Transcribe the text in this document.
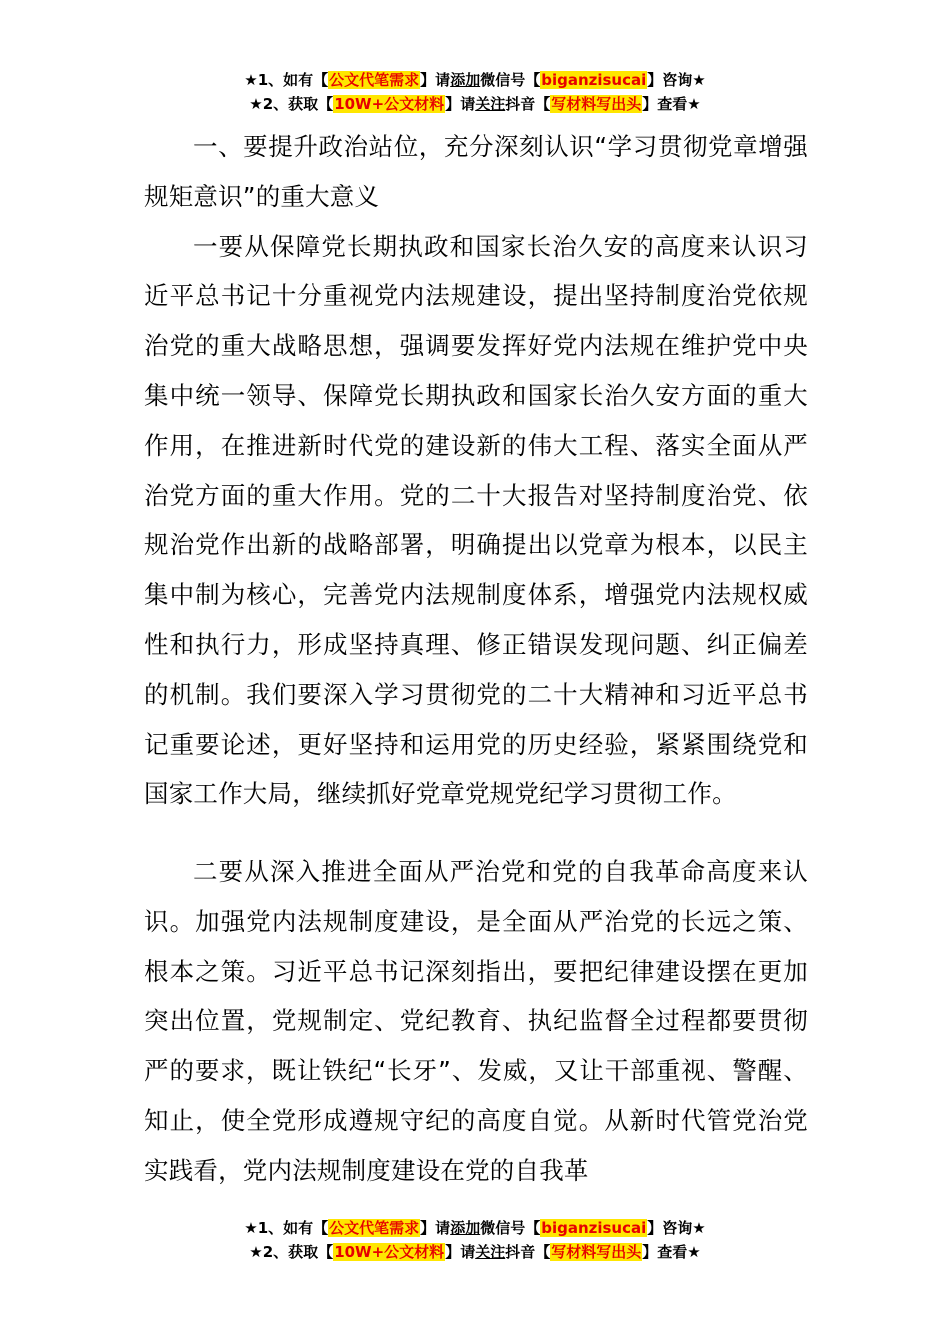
★1、如有【公文代笔需求】请添加微信号【biganzisucai】咨询★
★2、获取【10W+公文材料】请关注抖音【写材料写出头】查看★

一、要提升政治站位，充分深刻认识“学习贯彻党章增强规矩意识”的重大意义

一要从保障党长期执政和国家长治久安的高度来认识习近平总书记十分重视党内法规建设，提出坚持制度治党依规治党的重大战略思想，强调要发挥好党内法规在维护党中央集中统一领导、保障党长期执政和国家长治久安方面的重大作用，在推进新时代党的建设新的伟大工程、落实全面从严治党方面的重大作用。党的二十大报告对坚持制度治党、依规治党作出新的战略部署，明确提出以党章为根本，以民主集中制为核心，完善党内法规制度体系，增强党内法规权威性和执行力，形成坚持真理、修正错误发现问题、纠正偏差的机制。我们要深入学习贯彻党的二十大精神和习近平总书记重要论述，更好坚持和运用党的历史经验，紧紧围绕党和国家工作大局，继续抓好党章党规党纪学习贯彻工作。

二要从深入推进全面从严治党和党的自我革命高度来认识。加强党内法规制度建设，是全面从严治党的长远之策、根本之策。习近平总书记深刻指出，要把纪律建设摆在更加突出位置，党规制定、党纪教育、执纪监督全过程都要贯彻严的要求，既让铁纪“长牙”、发威，又让干部重视、警醒、知止，使全党形成遵规守纪的高度自觉。从新时代管党治党实践看，党内法规制度建设在党的自我革

★1、如有【公文代笔需求】请添加微信号【biganzisucai】咨询★
★2、获取【10W+公文材料】请关注抖音【写材料写出头】查看★
